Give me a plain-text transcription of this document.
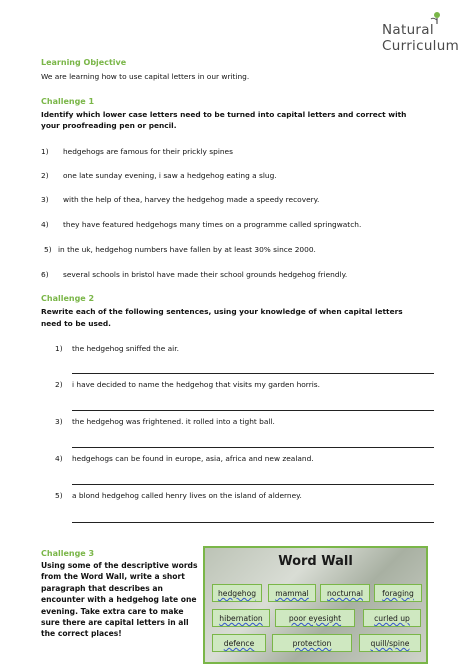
Natural
Curriculum
Learning Objective
We are learning how to use capital letters in our writing.
Challenge 1
Identify which lower case letters need to be turned into capital letters and correct with
your proofreading pen or pencil.
1) hedgehogs are famous for their prickly spines
2) one late sunday evening, i saw a hedgehog eating a slug.
3) with the help of thea, harvey the hedgehog made a speedy recovery.
4) they have featured hedgehogs many times on a programme called springwatch.
5) in the uk, hedgehog numbers have fallen by at least 30% since 2000.
6) several schools in bristol have made their school grounds hedgehog friendly.
Challenge 2
Rewrite each of the following sentences, using your knowledge of when capital letters
need to be used.
1) the hedgehog sniffed the air.
2) i have decided to name the hedgehog that visits my garden horris.
3) the hedgehog was frightened. it rolled into a tight ball.
4) hedgehogs can be found in europe, asia, africa and new zealand.
5) a blond hedgehog called henry lives on the island of alderney.
Challenge 3
Using some of the descriptive words from the Word Wall, write a short paragraph that describes an encounter with a hedgehog late one evening. Take extra care to make sure there are capital letters in all the correct places!
Word Wall
hedgehog	mammal	nocturnal	foraging
hibernation	poor eyesight	curled up
defence	protection	quill/spine
